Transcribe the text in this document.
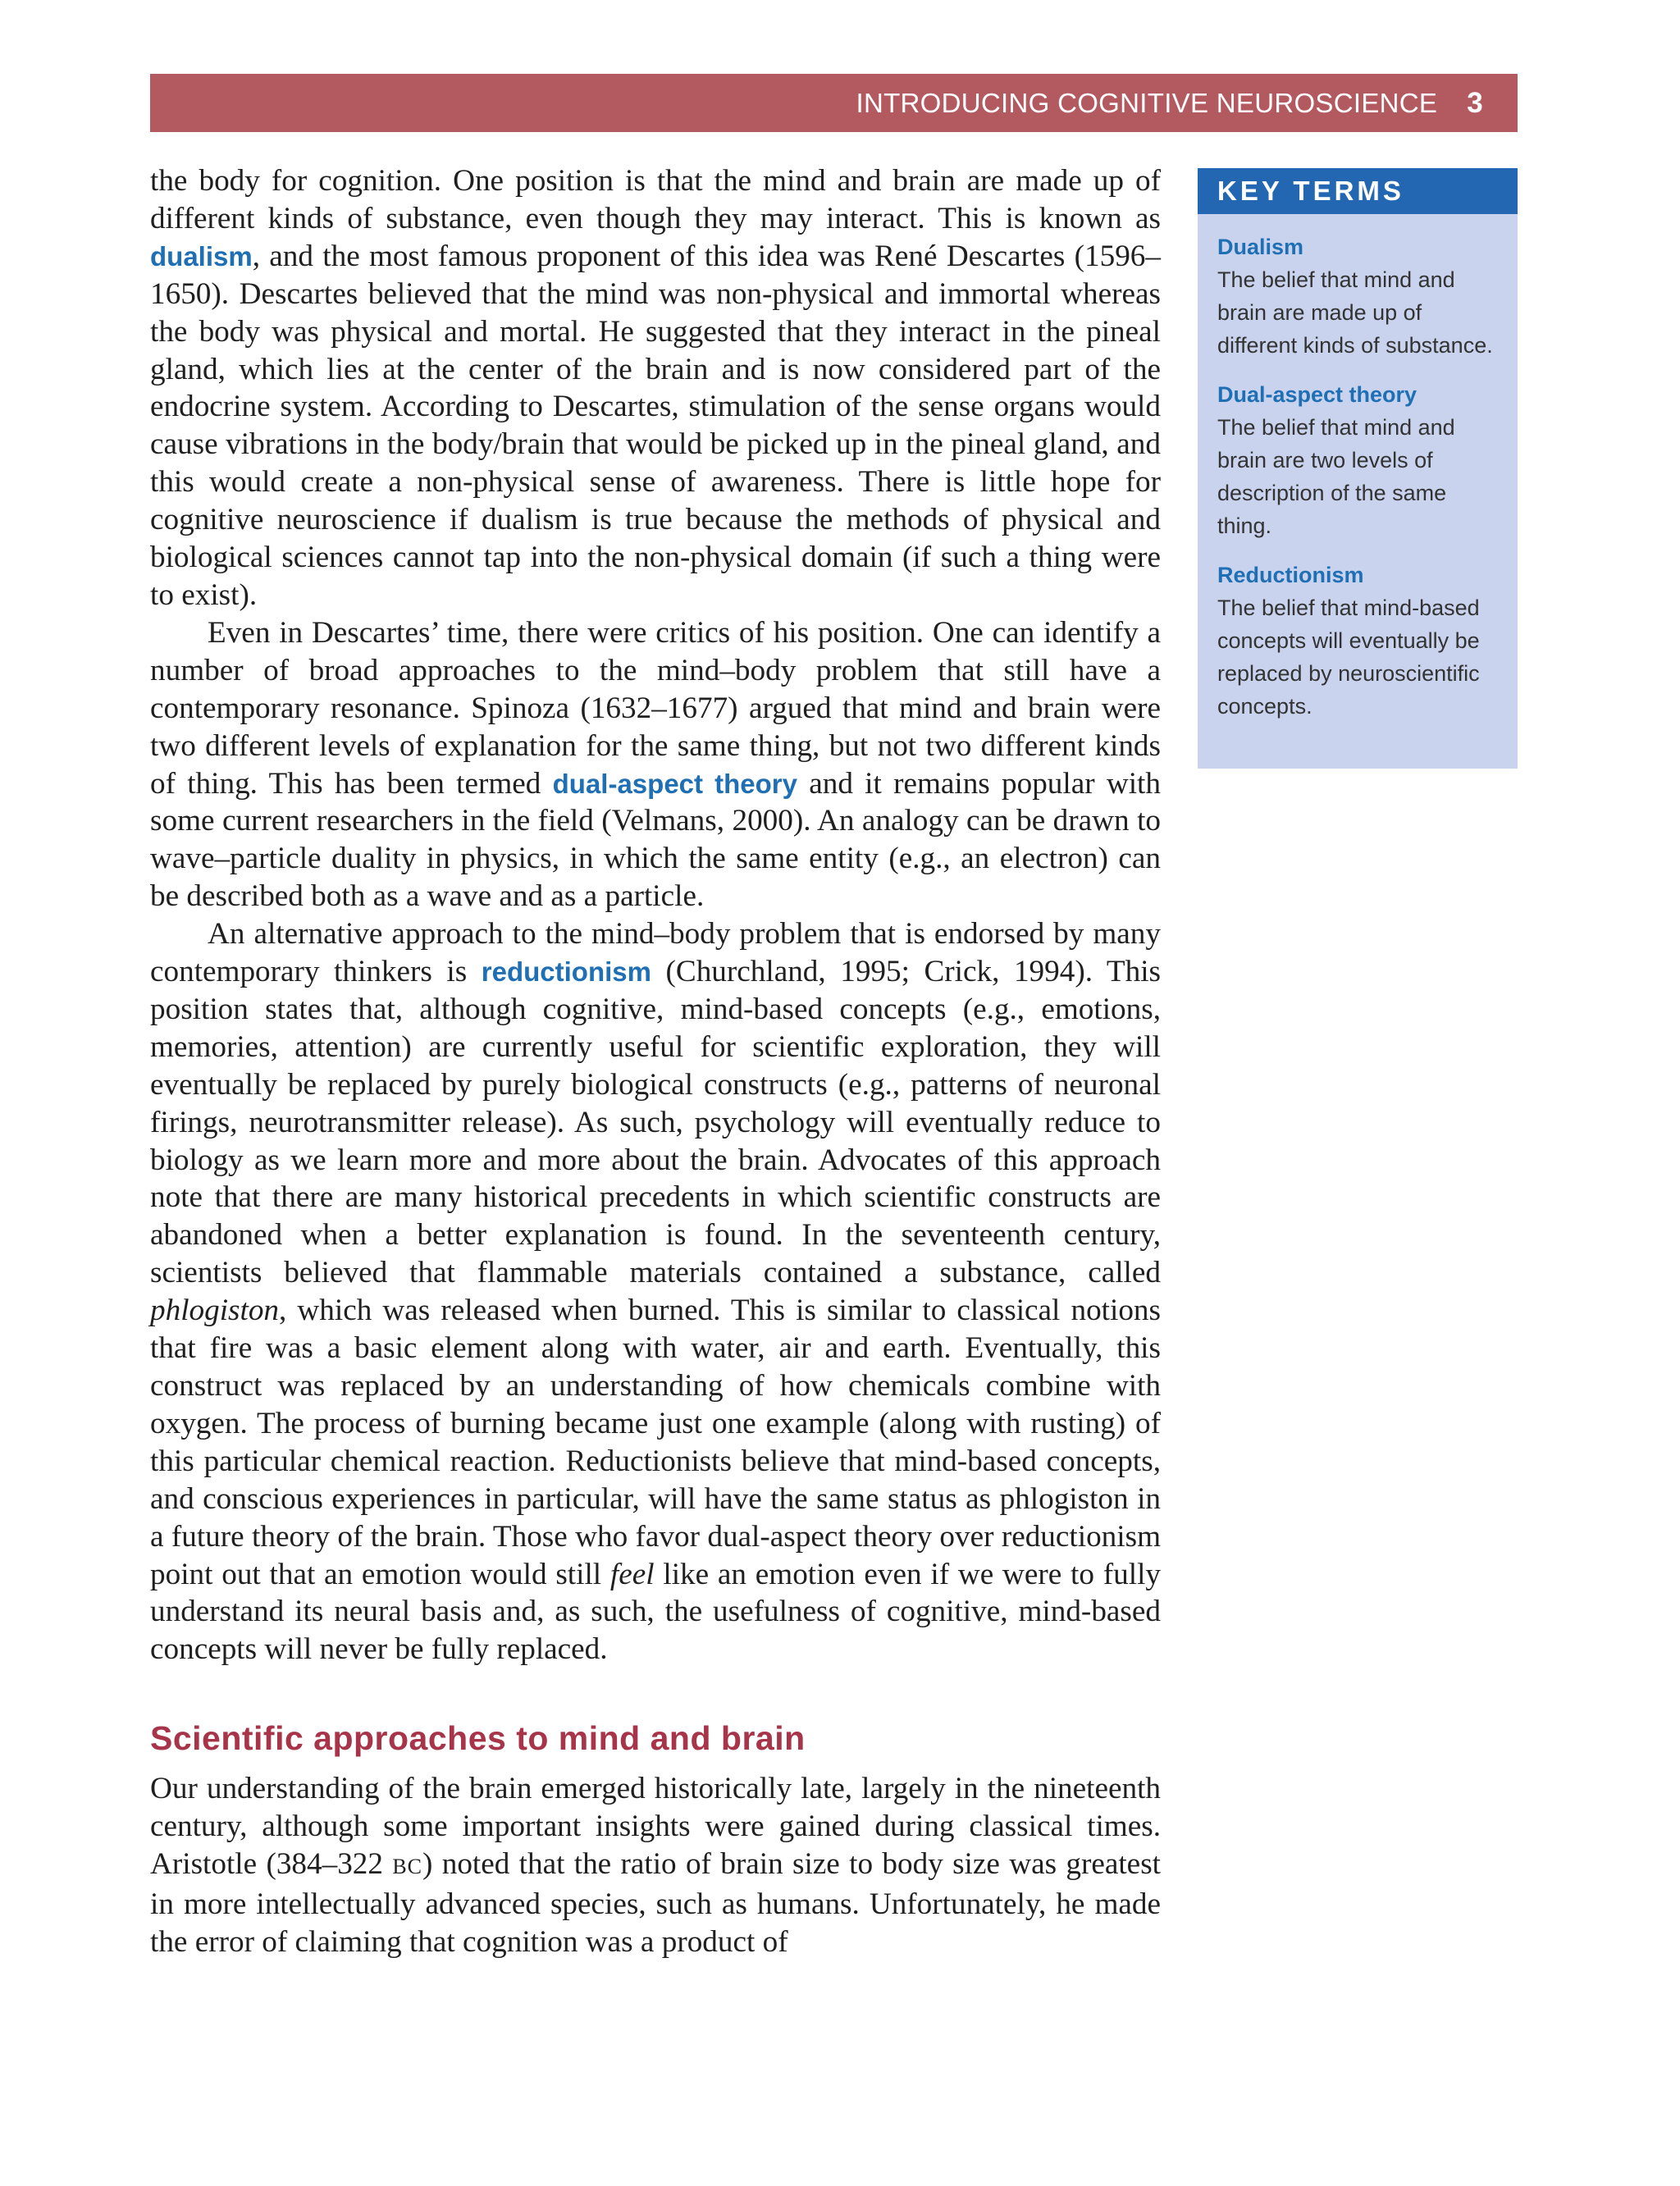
INTRODUCING COGNITIVE NEUROSCIENCE 3

the body for cognition. One position is that the mind and brain are made up of different kinds of substance, even though they may interact. This is known as dualism, and the most famous proponent of this idea was René Descartes (1596–1650). Descartes believed that the mind was non-physical and immortal whereas the body was physical and mortal. He suggested that they interact in the pineal gland, which lies at the center of the brain and is now considered part of the endocrine system. According to Descartes, stimulation of the sense organs would cause vibrations in the body/brain that would be picked up in the pineal gland, and this would create a non-physical sense of awareness. There is little hope for cognitive neuroscience if dualism is true because the methods of physical and biological sciences cannot tap into the non-physical domain (if such a thing were to exist).

Even in Descartes’ time, there were critics of his position. One can identify a number of broad approaches to the mind–body problem that still have a contemporary resonance. Spinoza (1632–1677) argued that mind and brain were two different levels of explanation for the same thing, but not two different kinds of thing. This has been termed dual-aspect theory and it remains popular with some current researchers in the field (Velmans, 2000). An analogy can be drawn to wave–particle duality in physics, in which the same entity (e.g., an electron) can be described both as a wave and as a particle.

An alternative approach to the mind–body problem that is endorsed by many contemporary thinkers is reductionism (Churchland, 1995; Crick, 1994). This position states that, although cognitive, mind-based concepts (e.g., emotions, memories, attention) are currently useful for scientific exploration, they will eventually be replaced by purely biological constructs (e.g., patterns of neuronal firings, neurotransmitter release). As such, psychology will eventually reduce to biology as we learn more and more about the brain. Advocates of this approach note that there are many historical precedents in which scientific constructs are abandoned when a better explanation is found. In the seventeenth century, scientists believed that flammable materials contained a substance, called phlogiston, which was released when burned. This is similar to classical notions that fire was a basic element along with water, air and earth. Eventually, this construct was replaced by an understanding of how chemicals combine with oxygen. The process of burning became just one example (along with rusting) of this particular chemical reaction. Reductionists believe that mind-based concepts, and conscious experiences in particular, will have the same status as phlogiston in a future theory of the brain. Those who favor dual-aspect theory over reductionism point out that an emotion would still feel like an emotion even if we were to fully understand its neural basis and, as such, the usefulness of cognitive, mind-based concepts will never be fully replaced.

Scientific approaches to mind and brain

Our understanding of the brain emerged historically late, largely in the nineteenth century, although some important insights were gained during classical times. Aristotle (384–322 BC) noted that the ratio of brain size to body size was greatest in more intellectually advanced species, such as humans. Unfortunately, he made the error of claiming that cognition was a product of

KEY TERMS
Dualism
The belief that mind and brain are made up of different kinds of substance.
Dual-aspect theory
The belief that mind and brain are two levels of description of the same thing.
Reductionism
The belief that mind-based concepts will eventually be replaced by neuroscientific concepts.
